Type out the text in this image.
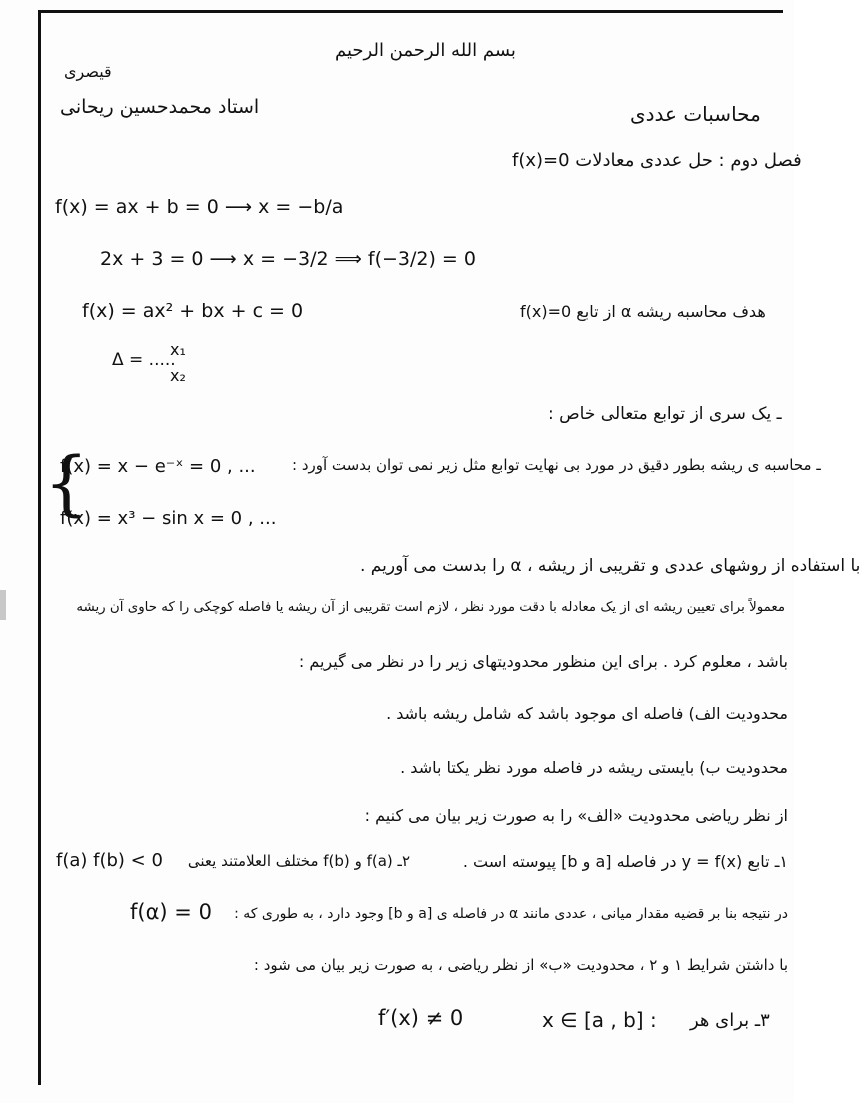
بسم الله الرحمن الرحیم
قیصری
استاد محمدحسین ریحانی	محاسبات عددی
فصل دوم : حل عددی معادلات f(x)=0
f(x) = ax + b = 0 ⟶ x = −b/a
2x + 3 = 0 ⟶ x = −3/2 ⟹ f(−3/2) = 0
f(x) = ax² + bx + c = 0
Δ = .....
x₁
x₂
هدف محاسبه ریشه α از تابع f(x)=0
ـ یک سری از توابع متعالی خاص :
ـ محاسبه ی ریشه بطور دقیق در مورد بی نهایت توابع مثل زیر نمی توان بدست آورد :
{
f(x) = x − e⁻ˣ = 0 , ...
f(x) = x³ − sin x = 0 , ...
با استفاده از روشهای عددی و تقریبی از ریشه ، α را بدست می آوریم .
معمولاً برای تعیین ریشه ای از یک معادله با دقت مورد نظر ، لازم است تقریبی از آن ریشه یا فاصله کوچکی را که حاوی آن ریشه
باشد ، معلوم کرد . برای این منظور محدودیتهای زیر را در نظر می گیریم :
محدودیت الف) فاصله ای موجود باشد که شامل ریشه باشد .
محدودیت ب) بایستی ریشه در فاصله مورد نظر یکتا باشد .
از نظر ریاضی محدودیت «الف» را به صورت زیر بیان می کنیم :
۱ـ تابع y = f(x) در فاصله [a و b] پیوسته است .
۲ـ f(a) و f(b) مختلف العلامتند یعنی
f(a) f(b) < 0
در نتیجه بنا بر قضیه مقدار میانی ، عددی مانند α در فاصله ی [a و b] وجود دارد ، به طوری که :
f(α) = 0
با داشتن شرایط ۱ و ۲ ، محدودیت «ب» از نظر ریاضی ، به صورت زیر بیان می شود :
۳ـ برای هر
x ∈ [a , b] :
f′(x) ≠ 0
